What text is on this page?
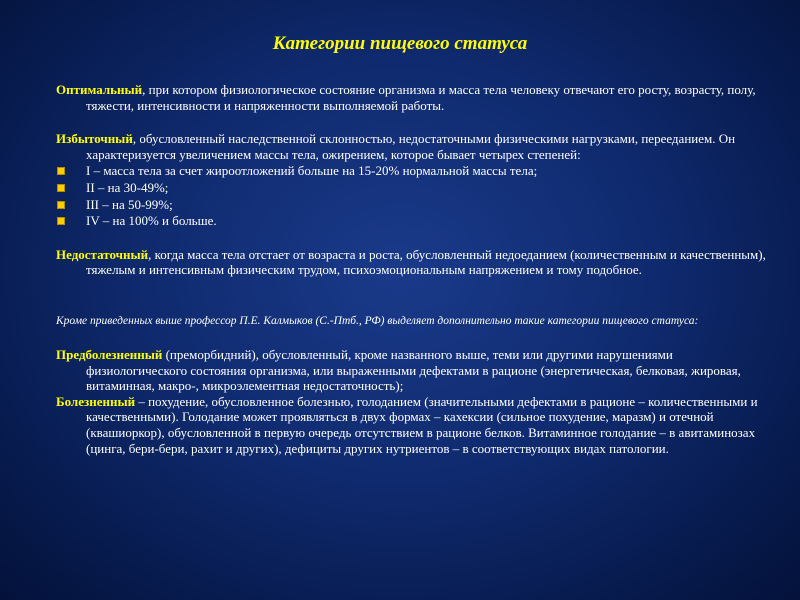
Категории пищевого статуса

Оптимальный, при котором физиологическое состояние организма и масса тела человеку отвечают его росту, возрасту, полу, тяжести, интенсивности и напряженности выполняемой работы.

Избыточный, обусловленный наследственной склонностью, недостаточными физическими нагрузками, перееданием. Он характеризуется увеличением массы тела, ожирением, которое бывает четырех степеней:

I – масса тела за счет жироотложений больше на 15-20% нормальной массы тела;
II – на 30-49%;
III – на 50-99%;
IV – на 100% и больше.

Недостаточный, когда масса тела отстает от возраста и роста, обусловленный недоеданием (количественным и качественным), тяжелым и интенсивным физическим трудом, психоэмоциональным напряжением и тому подобное.

Кроме приведенных выше профессор П.Е. Калмыков (С.-Птб., РФ) выделяет дополнительно такие категории пищевого статуса:

Предболезненный (преморбидний), обусловленный, кроме названного выше, теми или другими нарушениями физиологического состояния организма, или выраженными дефектами в рационе (энергетическая, белковая, жировая, витаминная, макро-, микроэлементная недостаточность);

Болезненный – похудение, обусловленное болезнью, голоданием (значительными дефектами в рационе – количественными и качественными). Голодание может проявляться в двух формах – кахексии (сильное похудение, маразм) и отечной (квашиоркор), обусловленной в первую очередь отсутствием в рационе белков. Витаминное голодание – в авитаминозах (цинга, бери-бери, рахит и других), дефициты других нутриентов – в соответствующих видах патологии.
